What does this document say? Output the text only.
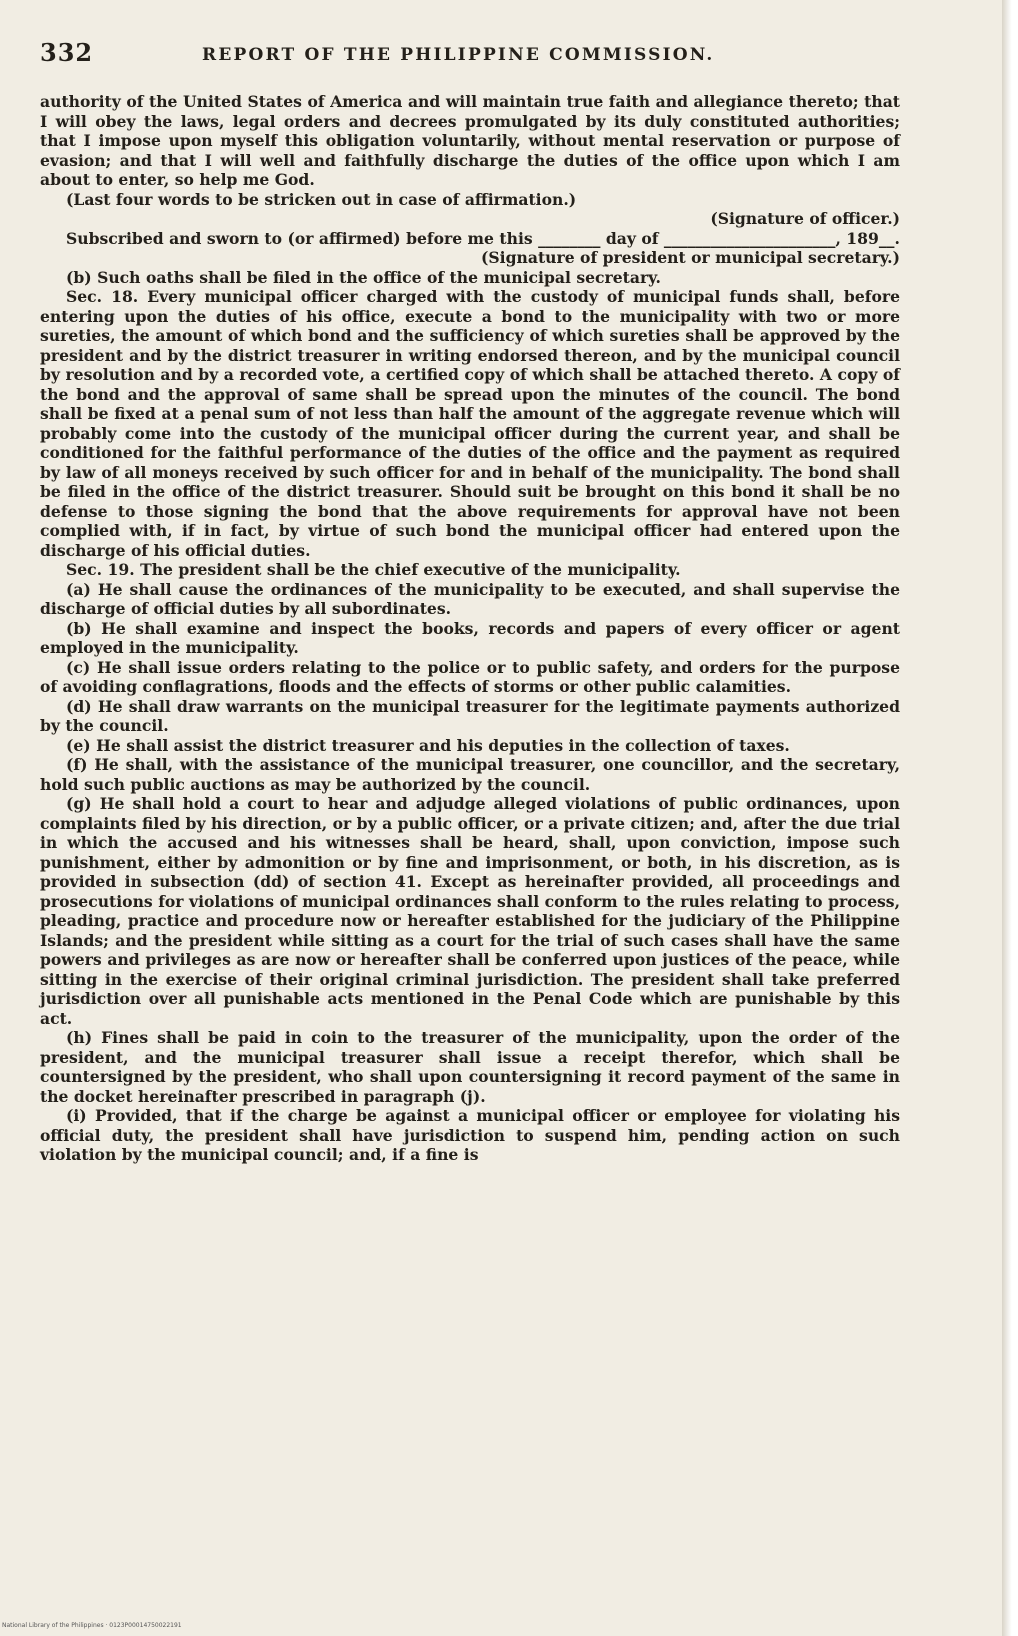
332	REPORT OF THE PHILIPPINE COMMISSION.

authority of the United States of America and will maintain true faith and allegiance thereto; that I will obey the laws, legal orders and decrees promulgated by its duly constituted authorities; that I impose upon myself this obligation voluntarily, without mental reservation or purpose of evasion; and that I will well and faithfully discharge the duties of the office upon which I am about to enter, so help me God.

(Last four words to be stricken out in case of affirmation.)

(Signature of officer.)

Subscribed and sworn to (or affirmed) before me this ________ day of ______________________, 189__.

(Signature of president or municipal secretary.)

(b) Such oaths shall be filed in the office of the municipal secretary.

Sec. 18. Every municipal officer charged with the custody of municipal funds shall, before entering upon the duties of his office, execute a bond to the municipality with two or more sureties, the amount of which bond and the sufficiency of which sureties shall be approved by the president and by the district treasurer in writing endorsed thereon, and by the municipal council by resolution and by a recorded vote, a certified copy of which shall be attached thereto. A copy of the bond and the approval of same shall be spread upon the minutes of the council. The bond shall be fixed at a penal sum of not less than half the amount of the aggregate revenue which will probably come into the custody of the municipal officer during the current year, and shall be conditioned for the faithful performance of the duties of the office and the payment as required by law of all moneys received by such officer for and in behalf of the municipality. The bond shall be filed in the office of the district treasurer. Should suit be brought on this bond it shall be no defense to those signing the bond that the above requirements for approval have not been complied with, if in fact, by virtue of such bond the municipal officer had entered upon the discharge of his official duties.

Sec. 19. The president shall be the chief executive of the municipality.

(a) He shall cause the ordinances of the municipality to be executed, and shall supervise the discharge of official duties by all subordinates.

(b) He shall examine and inspect the books, records and papers of every officer or agent employed in the municipality.

(c) He shall issue orders relating to the police or to public safety, and orders for the purpose of avoiding conflagrations, floods and the effects of storms or other public calamities.

(d) He shall draw warrants on the municipal treasurer for the legitimate payments authorized by the council.

(e) He shall assist the district treasurer and his deputies in the collection of taxes.

(f) He shall, with the assistance of the municipal treasurer, one councillor, and the secretary, hold such public auctions as may be authorized by the council.

(g) He shall hold a court to hear and adjudge alleged violations of public ordinances, upon complaints filed by his direction, or by a public officer, or a private citizen; and, after the due trial in which the accused and his witnesses shall be heard, shall, upon conviction, impose such punishment, either by admonition or by fine and imprisonment, or both, in his discretion, as is provided in subsection (dd) of section 41. Except as hereinafter provided, all proceedings and prosecutions for violations of municipal ordinances shall conform to the rules relating to process, pleading, practice and procedure now or hereafter established for the judiciary of the Philippine Islands; and the president while sitting as a court for the trial of such cases shall have the same powers and privileges as are now or hereafter shall be conferred upon justices of the peace, while sitting in the exercise of their original criminal jurisdiction. The president shall take preferred jurisdiction over all punishable acts mentioned in the Penal Code which are punishable by this act.

(h) Fines shall be paid in coin to the treasurer of the municipality, upon the order of the president, and the municipal treasurer shall issue a receipt therefor, which shall be countersigned by the president, who shall upon countersigning it record payment of the same in the docket hereinafter prescribed in paragraph (j).

(i) Provided, that if the charge be against a municipal officer or employee for violating his official duty, the president shall have jurisdiction to suspend him, pending action on such violation by the municipal council; and, if a fine is

National Library of the Philippines · 0123P00014750022191
